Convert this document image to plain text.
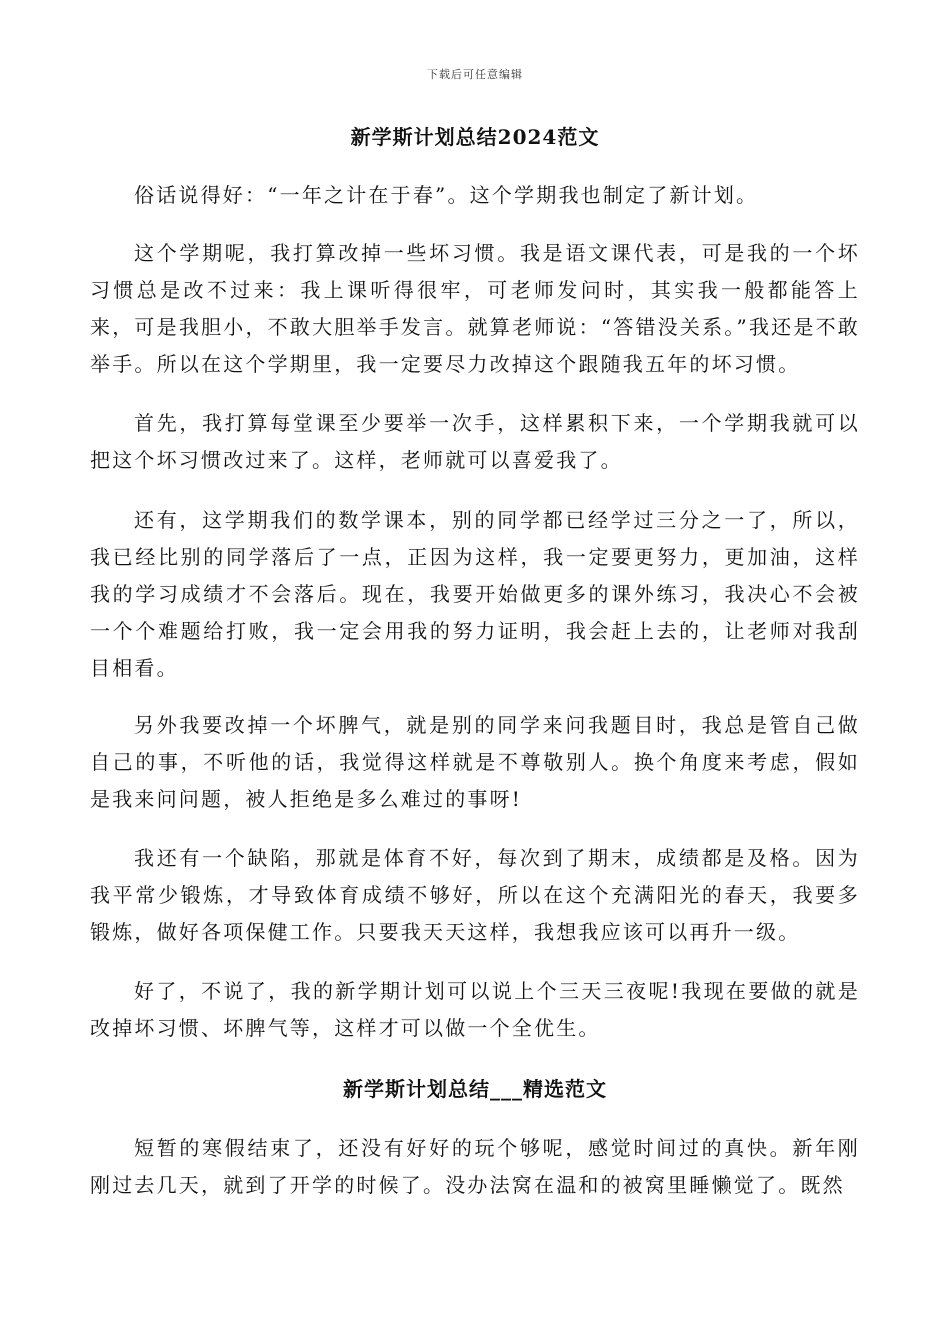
下载后可任意编辑
新学斯计划总结2024范文

俗话说得好：“一年之计在于春”。这个学期我也制定了新计划。

这个学期呢，我打算改掉一些坏习惯。我是语文课代表，可是我的一个坏习惯总是改不过来：我上课听得很牢，可老师发问时，其实我一般都能答上来，可是我胆小，不敢大胆举手发言。就算老师说：“答错没关系。”我还是不敢举手。所以在这个学期里，我一定要尽力改掉这个跟随我五年的坏习惯。

首先，我打算每堂课至少要举一次手，这样累积下来，一个学期我就可以把这个坏习惯改过来了。这样，老师就可以喜爱我了。

还有，这学期我们的数学课本，别的同学都已经学过三分之一了，所以，我已经比别的同学落后了一点，正因为这样，我一定要更努力，更加油，这样我的学习成绩才不会落后。现在，我要开始做更多的课外练习，我决心不会被一个个难题给打败，我一定会用我的努力证明，我会赶上去的，让老师对我刮目相看。

另外我要改掉一个坏脾气，就是别的同学来问我题目时，我总是管自己做自己的事，不听他的话，我觉得这样就是不尊敬别人。换个角度来考虑，假如是我来问问题，被人拒绝是多么难过的事呀!

我还有一个缺陷，那就是体育不好，每次到了期末，成绩都是及格。因为我平常少锻炼，才导致体育成绩不够好，所以在这个充满阳光的春天，我要多锻炼，做好各项保健工作。只要我天天这样，我想我应该可以再升一级。

好了，不说了，我的新学期计划可以说上个三天三夜呢!我现在要做的就是改掉坏习惯、坏脾气等，这样才可以做一个全优生。

新学斯计划总结___精选范文

短暂的寒假结束了，还没有好好的玩个够呢，感觉时间过的真快。新年刚刚过去几天，就到了开学的时候了。没办法窝在温和的被窝里睡懒觉了。既然
